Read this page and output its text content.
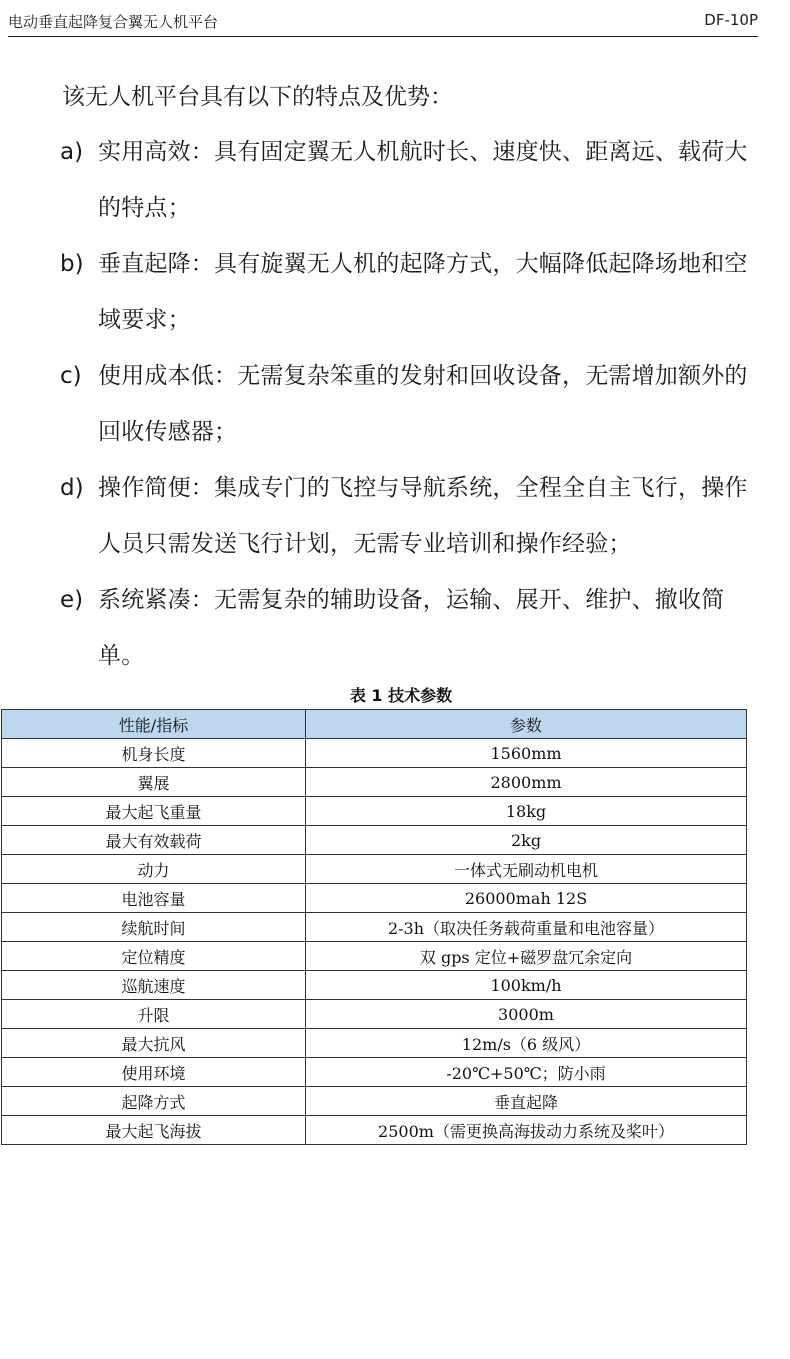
电动垂直起降复合翼无人机平台	DF-10P
该无人机平台具有以下的特点及优势：
a) 实用高效：具有固定翼无人机航时长、速度快、距离远、载荷大的特点；
b) 垂直起降：具有旋翼无人机的起降方式，大幅降低起降场地和空域要求；
c) 使用成本低：无需复杂笨重的发射和回收设备，无需增加额外的回收传感器；
d) 操作简便：集成专门的飞控与导航系统，全程全自主飞行，操作人员只需发送飞行计划，无需专业培训和操作经验；
e) 系统紧凑：无需复杂的辅助设备，运输、展开、维护、撤收简单。
表 1 技术参数
性能/指标	参数
机身长度	1560mm
翼展	2800mm
最大起飞重量	18kg
最大有效载荷	2kg
动力	一体式无刷动机电机
电池容量	26000mah 12S
续航时间	2-3h（取决任务载荷重量和电池容量）
定位精度	双 gps 定位+磁罗盘冗余定向
巡航速度	100km/h
升限	3000m
最大抗风	12m/s（6 级风）
使用环境	-20℃+50℃；防小雨
起降方式	垂直起降
最大起飞海拔	2500m（需更换高海拔动力系统及桨叶）
